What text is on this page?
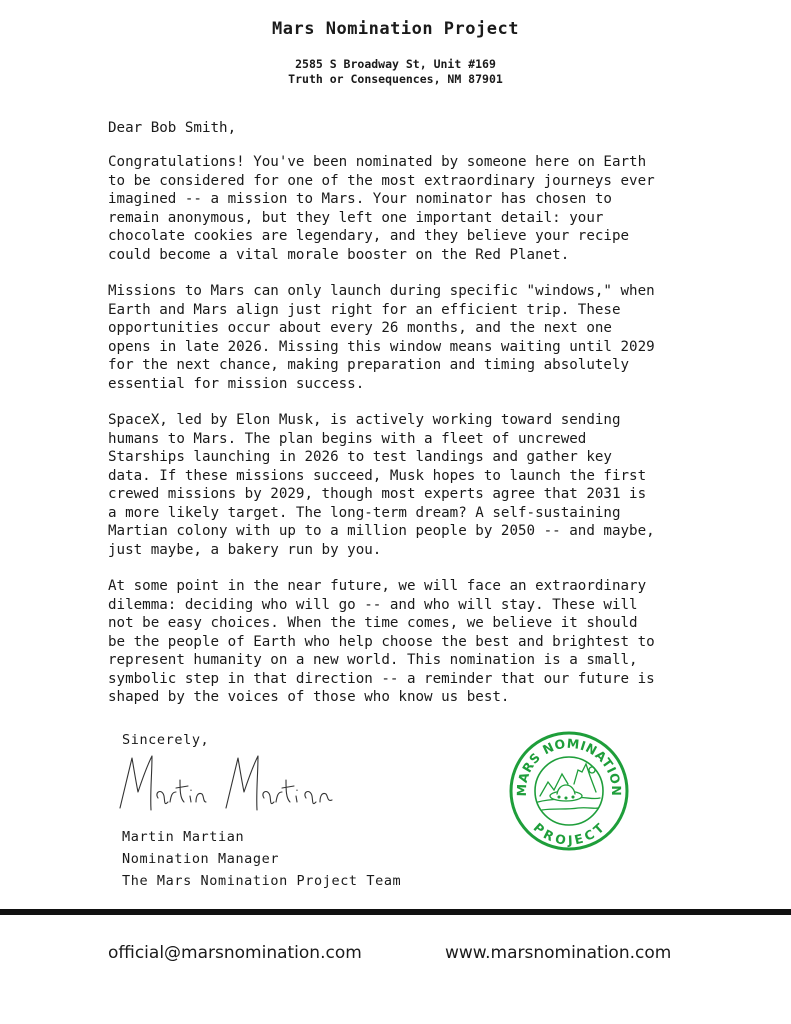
Mars Nomination Project
2585 S Broadway St, Unit #169
Truth or Consequences, NM 87901
Dear Bob Smith,

Congratulations! You've been nominated by someone here on Earth
to be considered for one of the most extraordinary journeys ever
imagined -- a mission to Mars. Your nominator has chosen to
remain anonymous, but they left one important detail: your
chocolate cookies are legendary, and they believe your recipe
could become a vital morale booster on the Red Planet.

Missions to Mars can only launch during specific "windows," when
Earth and Mars align just right for an efficient trip. These
opportunities occur about every 26 months, and the next one
opens in late 2026. Missing this window means waiting until 2029
for the next chance, making preparation and timing absolutely
essential for mission success.

SpaceX, led by Elon Musk, is actively working toward sending
humans to Mars. The plan begins with a fleet of uncrewed
Starships launching in 2026 to test landings and gather key
data. If these missions succeed, Musk hopes to launch the first
crewed missions by 2029, though most experts agree that 2031 is
a more likely target. The long-term dream? A self-sustaining
Martian colony with up to a million people by 2050 -- and maybe,
just maybe, a bakery run by you.

At some point in the near future, we will face an extraordinary
dilemma: deciding who will go -- and who will stay. These will
not be easy choices. When the time comes, we believe it should
be the people of Earth who help choose the best and brightest to
represent humanity on a new world. This nomination is a small,
symbolic step in that direction -- a reminder that our future is
shaped by the voices of those who know us best.

Sincerely,
Martin Martian
Nomination Manager
The Mars Nomination Project Team
MARS NOMINATION
PROJECT
official@marsnomination.com	www.marsnomination.com
